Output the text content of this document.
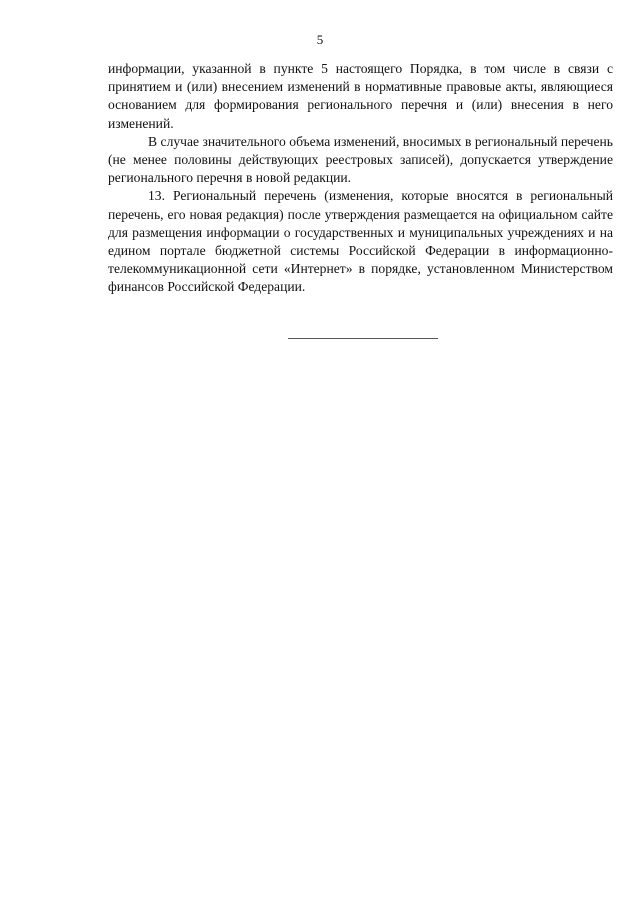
5

информации, указанной в пункте 5 настоящего Порядка, в том числе в связи с принятием и (или) внесением изменений в нормативные правовые акты, являющиеся основанием для формирования регионального перечня и (или) внесения в него изменений.

В случае значительного объема изменений, вносимых в региональный перечень (не менее половины действующих реестровых записей), допускается утверждение регионального перечня в новой редакции.

13. Региональный перечень (изменения, которые вносятся в региональный перечень, его новая редакция) после утверждения размещается на официальном сайте для размещения информации о государственных и муниципальных учреждениях и на едином портале бюджетной системы Российской Федерации в информационно-телекоммуникационной сети «Интернет» в порядке, установленном Министерством финансов Российской Федерации.
